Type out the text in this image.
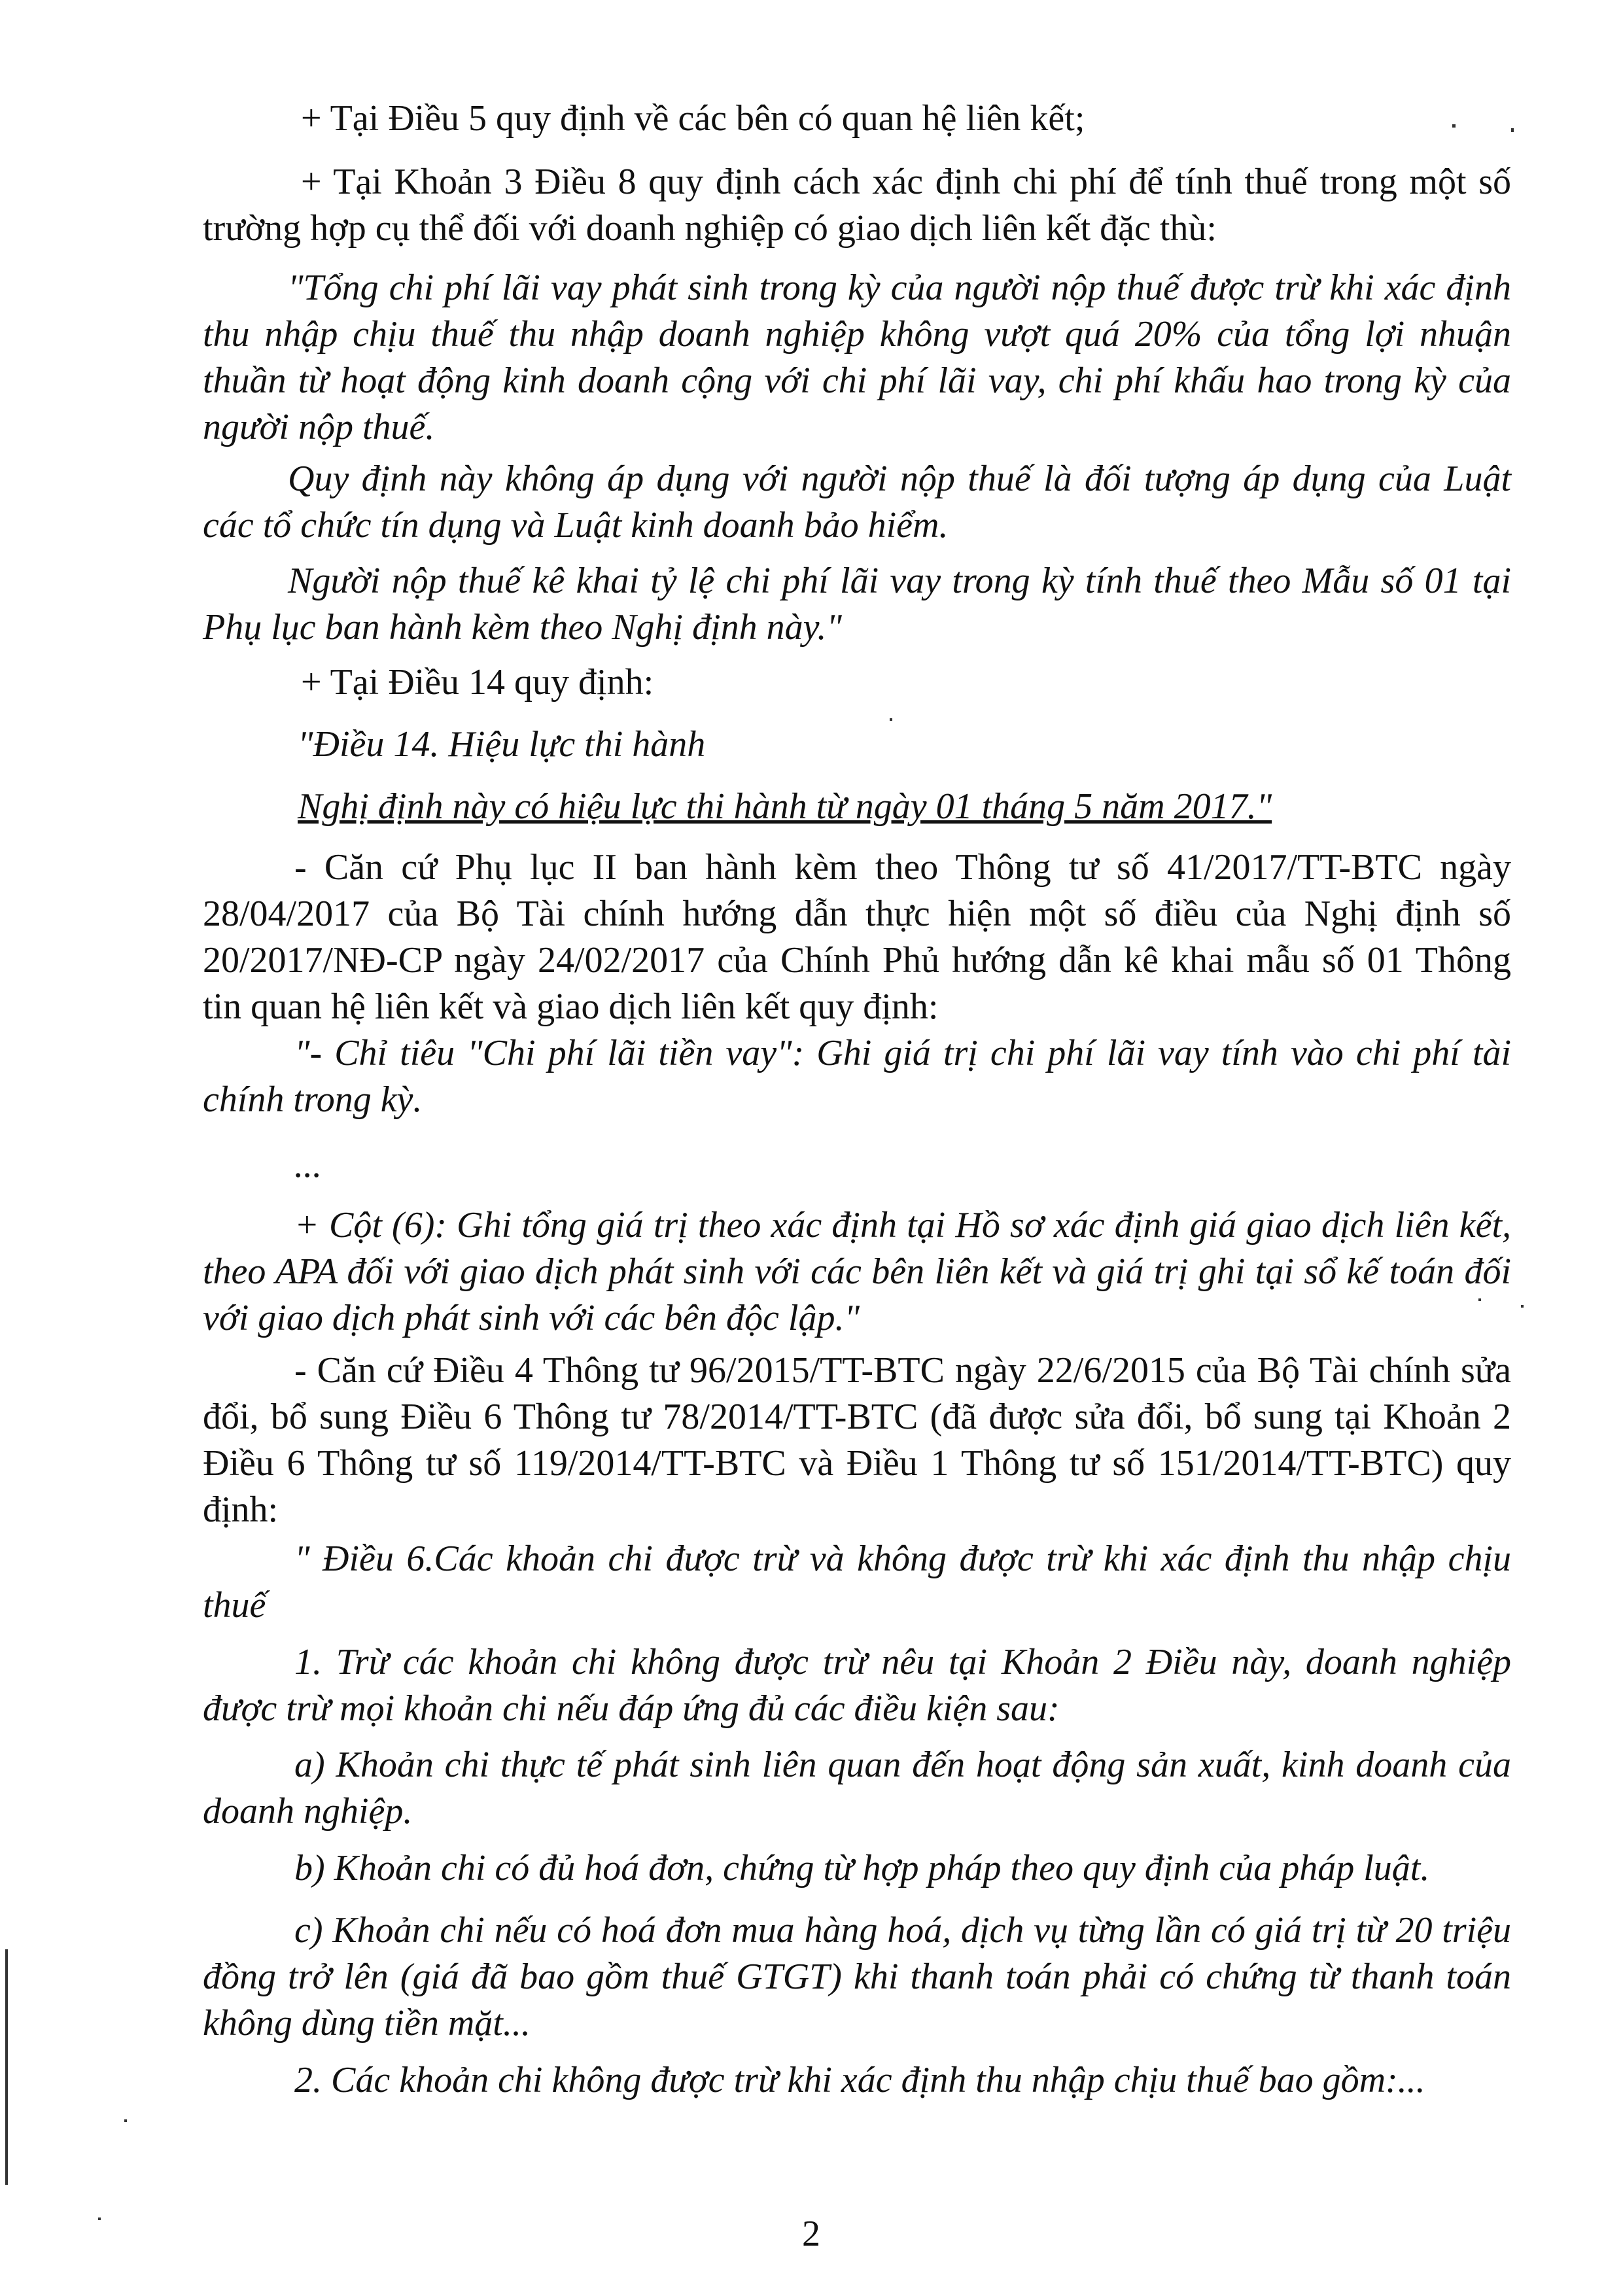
+ Tại Điều 5 quy định về các bên có quan hệ liên kết;

+ Tại Khoản 3 Điều 8 quy định cách xác định chi phí để tính thuế trong một số trường hợp cụ thể đối với doanh nghiệp có giao dịch liên kết đặc thù:

"Tổng chi phí lãi vay phát sinh trong kỳ của người nộp thuế được trừ khi xác định thu nhập chịu thuế thu nhập doanh nghiệp không vượt quá 20% của tổng lợi nhuận thuần từ hoạt động kinh doanh cộng với chi phí lãi vay, chi phí khấu hao trong kỳ của người nộp thuế.

Quy định này không áp dụng với người nộp thuế là đối tượng áp dụng của Luật các tổ chức tín dụng và Luật kinh doanh bảo hiểm.

Người nộp thuế kê khai tỷ lệ chi phí lãi vay trong kỳ tính thuế theo Mẫu số 01 tại Phụ lục ban hành kèm theo Nghị định này."

+ Tại Điều 14 quy định:

"Điều 14. Hiệu lực thi hành

Nghị định này có hiệu lực thi hành từ ngày 01 tháng 5 năm 2017."

- Căn cứ Phụ lục II ban hành kèm theo Thông tư số 41/2017/TT-BTC ngày 28/04/2017 của Bộ Tài chính hướng dẫn thực hiện một số điều của Nghị định số 20/2017/NĐ-CP ngày 24/02/2017 của Chính Phủ hướng dẫn kê khai mẫu số 01 Thông tin quan hệ liên kết và giao dịch liên kết quy định:

"- Chỉ tiêu "Chi phí lãi tiền vay": Ghi giá trị chi phí lãi vay tính vào chi phí tài chính trong kỳ.

...

+ Cột (6): Ghi tổng giá trị theo xác định tại Hồ sơ xác định giá giao dịch liên kết, theo APA đối với giao dịch phát sinh với các bên liên kết và giá trị ghi tại sổ kế toán đối với giao dịch phát sinh với các bên độc lập."

- Căn cứ Điều 4 Thông tư 96/2015/TT-BTC ngày 22/6/2015 của Bộ Tài chính sửa đổi, bổ sung Điều 6 Thông tư 78/2014/TT-BTC (đã được sửa đổi, bổ sung tại Khoản 2 Điều 6 Thông tư số 119/2014/TT-BTC và Điều 1 Thông tư số 151/2014/TT-BTC) quy định:

" Điều 6.Các khoản chi được trừ và không được trừ khi xác định thu nhập chịu thuế

1. Trừ các khoản chi không được trừ nêu tại Khoản 2 Điều này, doanh nghiệp được trừ mọi khoản chi nếu đáp ứng đủ các điều kiện sau:

a) Khoản chi thực tế phát sinh liên quan đến hoạt động sản xuất, kinh doanh của doanh nghiệp.

b) Khoản chi có đủ hoá đơn, chứng từ hợp pháp theo quy định của pháp luật.

c) Khoản chi nếu có hoá đơn mua hàng hoá, dịch vụ từng lần có giá trị từ 20 triệu đồng trở lên (giá đã bao gồm thuế GTGT) khi thanh toán phải có chứng từ thanh toán không dùng tiền mặt...

2. Các khoản chi không được trừ khi xác định thu nhập chịu thuế bao gồm:...

2
